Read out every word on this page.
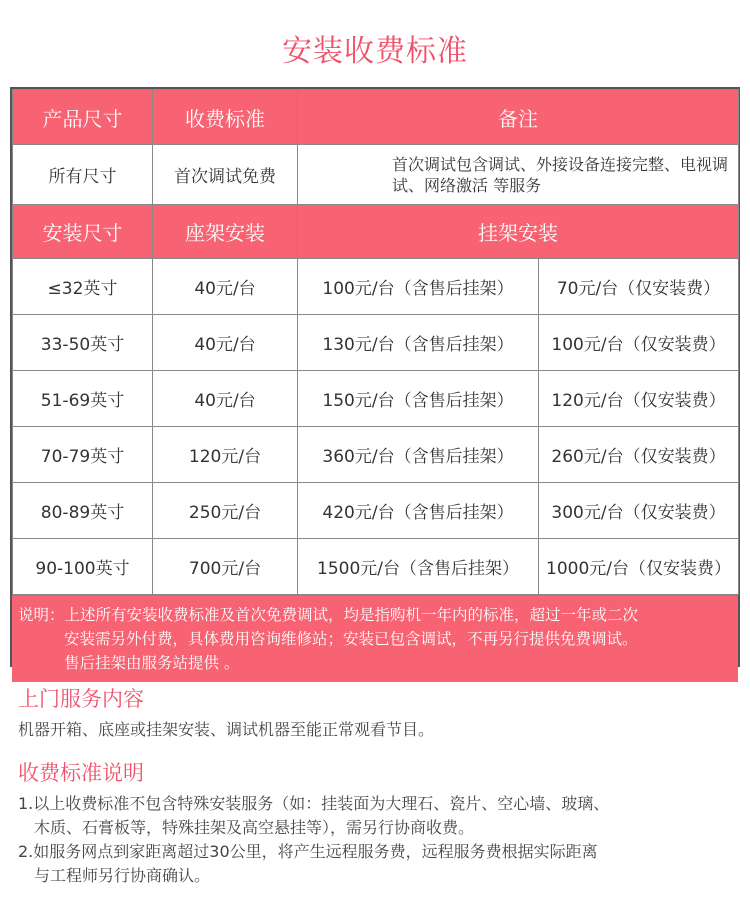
安装收费标准
产品尺寸	收费标准	备注	
所有尺寸	首次调试免费	首次调试包含调试、外接设备连接完整、电视调试、网络激活 等服务	
安装尺寸	座架安装	挂架安装	
≤32英寸	40元/台	100元/台（含售后挂架）	70元/台（仅安装费）
33-50英寸	40元/台	130元/台（含售后挂架）	100元/台（仅安装费）
51-69英寸	40元/台	150元/台（含售后挂架）	120元/台（仅安装费）
70-79英寸	120元/台	360元/台（含售后挂架）	260元/台（仅安装费）
80-89英寸	250元/台	420元/台（含售后挂架）	300元/台（仅安装费）
90-100英寸	700元/台	1500元/台（含售后挂架）	1000元/台（仅安装费）
说明：上述所有安装收费标准及首次免费调试，均是指购机一年内的标准，超过一年或二次
安装需另外付费，具体费用咨询维修站；安装已包含调试，不再另行提供免费调试。
售后挂架由服务站提供 。
上门服务内容
机器开箱、底座或挂架安装、调试机器至能正常观看节目。
收费标准说明
1.以上收费标准不包含特殊安装服务（如：挂装面为大理石、瓷片、空心墙、玻璃、
木质、石膏板等，特殊挂架及高空悬挂等），需另行协商收费。
2.如服务网点到家距离超过30公里，将产生远程服务费，远程服务费根据实际距离
与工程师另行协商确认。
